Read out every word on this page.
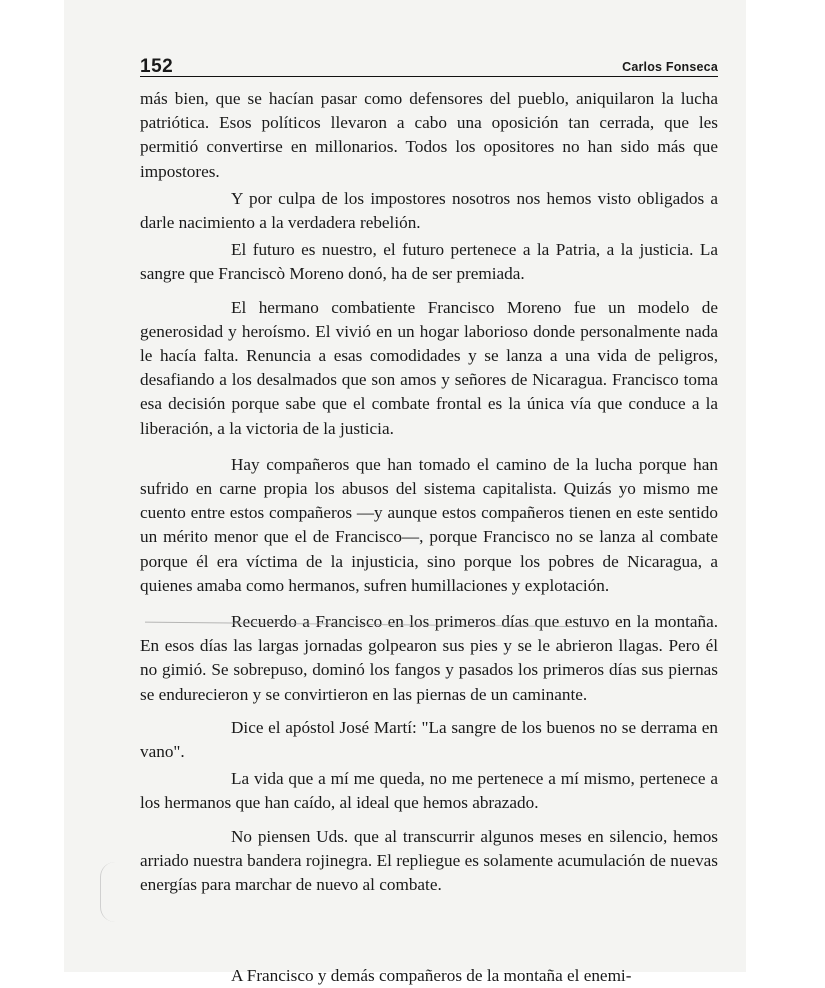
152	Carlos Fonseca

más bien, que se hacían pasar como defensores del pueblo, aniquilaron la lucha patriótica. Esos políticos llevaron a cabo una oposición tan cerrada, que les permitió convertirse en millonarios. Todos los opositores no han sido más que impostores.

Y por culpa de los impostores nosotros nos hemos visto obligados a darle nacimiento a la verdadera rebelión.

El futuro es nuestro, el futuro pertenece a la Patria, a la justicia. La sangre que Franciscò Moreno donó, ha de ser premiada.

El hermano combatiente Francisco Moreno fue un modelo de generosidad y heroísmo. El vivió en un hogar laborioso donde personalmente nada le hacía falta. Renuncia a esas comodidades y se lanza a una vida de peligros, desafiando a los desalmados que son amos y señores de Nicaragua. Francisco toma esa decisión porque sabe que el combate frontal es la única vía que conduce a la liberación, a la victoria de la justicia.

Hay compañeros que han tomado el camino de la lucha porque han sufrido en carne propia los abusos del sistema capitalista. Quizás yo mismo me cuento entre estos compañeros —y aunque estos compañeros tienen en este sentido un mérito menor que el de Francisco—, porque Francisco no se lanza al combate porque él era víctima de la injusticia, sino porque los pobres de Nicaragua, a quienes amaba como hermanos, sufren humillaciones y explotación.

Recuerdo a Francisco en los primeros días que estuvo en la montaña. En esos días las largas jornadas golpearon sus pies y se le abrieron llagas. Pero él no gimió. Se sobrepuso, dominó los fangos y pasados los primeros días sus piernas se endurecieron y se convirtieron en las piernas de un caminante.

Dice el apóstol José Martí: "La sangre de los buenos no se derrama en vano".

La vida que a mí me queda, no me pertenece a mí mismo, pertenece a los hermanos que han caído, al ideal que hemos abrazado.

No piensen Uds. que al transcurrir algunos meses en silencio, hemos arriado nuestra bandera rojinegra. El repliegue es solamente acumulación de nuevas energías para marchar de nuevo al combate.

A Francisco y demás compañeros de la montaña el enemi-
